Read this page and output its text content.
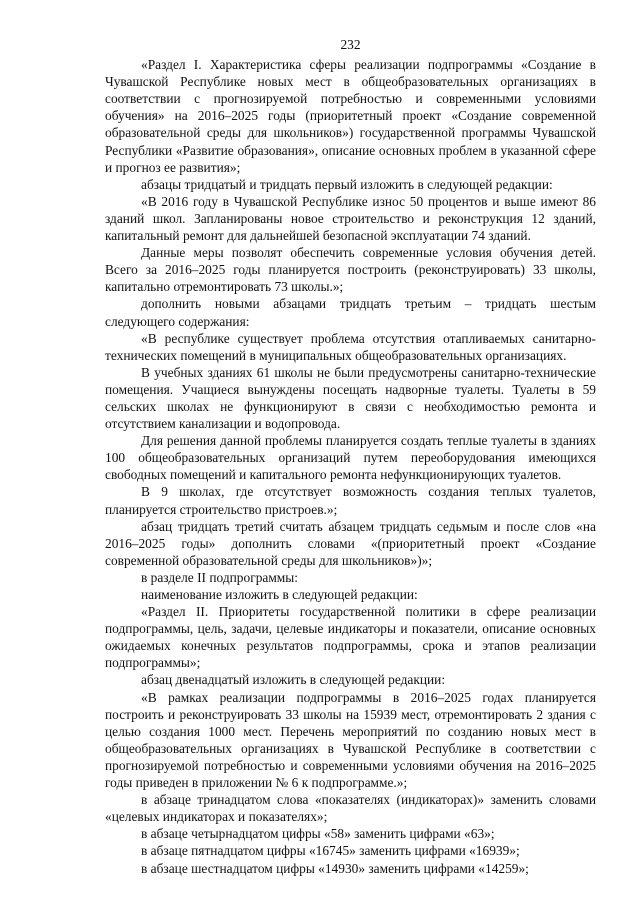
232

«Раздел I. Характеристика сферы реализации подпрограммы «Создание в Чувашской Республике новых мест в общеобразовательных организациях в соответствии с прогнозируемой потребностью и современными условиями обучения» на 2016–2025 годы (приоритетный проект «Создание современной образовательной среды для школьников») государственной программы Чувашской Республики «Развитие образования», описание основных проблем в указанной сфере и прогноз ее развития»;

абзацы тридцатый и тридцать первый изложить в следующей редакции:

«В 2016 году в Чувашской Республике износ 50 процентов и выше имеют 86 зданий школ. Запланированы новое строительство и реконструкция 12 зданий, капитальный ремонт для дальнейшей безопасной эксплуатации 74 зданий.

Данные меры позволят обеспечить современные условия обучения детей. Всего за 2016–2025 годы планируется построить (реконструировать) 33 школы, капитально отремонтировать 73 школы.»;

дополнить новыми абзацами тридцать третьим – тридцать шестым следующего содержания:

«В республике существует проблема отсутствия отапливаемых санитарно-технических помещений в муниципальных общеобразовательных организациях.

В учебных зданиях 61 школы не были предусмотрены санитарно-технические помещения. Учащиеся вынуждены посещать надворные туалеты. Туалеты в 59 сельских школах не функционируют в связи с необходимостью ремонта и отсутствием канализации и водопровода.

Для решения данной проблемы планируется создать теплые туалеты в зданиях 100 общеобразовательных организаций путем переоборудования имеющихся свободных помещений и капитального ремонта нефункционирующих туалетов.

В 9 школах, где отсутствует возможность создания теплых туалетов, планируется строительство пристроев.»;

абзац тридцать третий считать абзацем тридцать седьмым и после слов «на 2016–2025 годы» дополнить словами «(приоритетный проект «Создание современной образовательной среды для школьников»)»;

в разделе II подпрограммы:

наименование изложить в следующей редакции:

«Раздел II. Приоритеты государственной политики в сфере реализации подпрограммы, цель, задачи, целевые индикаторы и показатели, описание основных ожидаемых конечных результатов подпрограммы, срока и этапов реализации подпрограммы»;

абзац двенадцатый изложить в следующей редакции:

«В рамках реализации подпрограммы в 2016–2025 годах планируется построить и реконструировать 33 школы на 15939 мест, отремонтировать 2 здания с целью создания 1000 мест. Перечень мероприятий по созданию новых мест в общеобразовательных организациях в Чувашской Республике в соответствии с прогнозируемой потребностью и современными условиями обучения на 2016–2025 годы приведен в приложении № 6 к подпрограмме.»;

в абзаце тринадцатом слова «показателях (индикаторах)» заменить словами «целевых индикаторах и показателях»;

в абзаце четырнадцатом цифры «58» заменить цифрами «63»;

в абзаце пятнадцатом цифры «16745» заменить цифрами «16939»;

в абзаце шестнадцатом цифры «14930» заменить цифрами «14259»;
